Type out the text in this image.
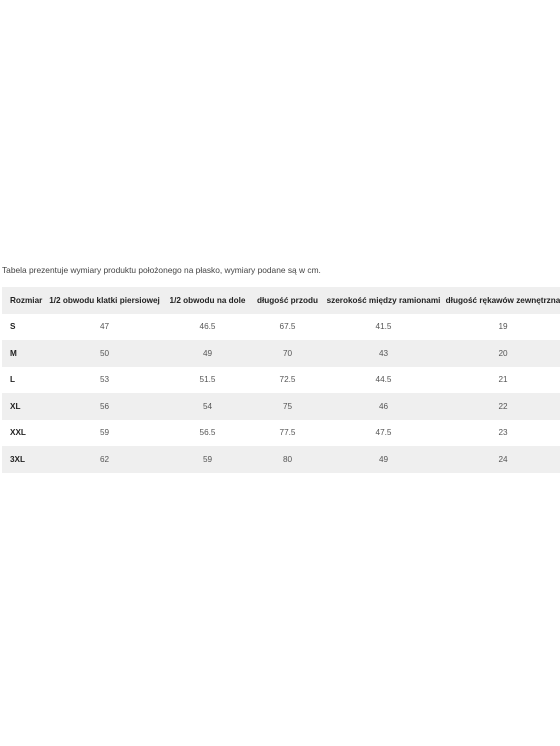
Tabela prezentuje wymiary produktu położonego na płasko, wymiary podane są w cm.
Rozmiar	1/2 obwodu klatki piersiowej	1/2 obwodu na dole	długość przodu	szerokość między ramionami	długość rękawów zewnętrzna
S	47	46.5	67.5	41.5	19
M	50	49	70	43	20
L	53	51.5	72.5	44.5	21
XL	56	54	75	46	22
XXL	59	56.5	77.5	47.5	23
3XL	62	59	80	49	24
